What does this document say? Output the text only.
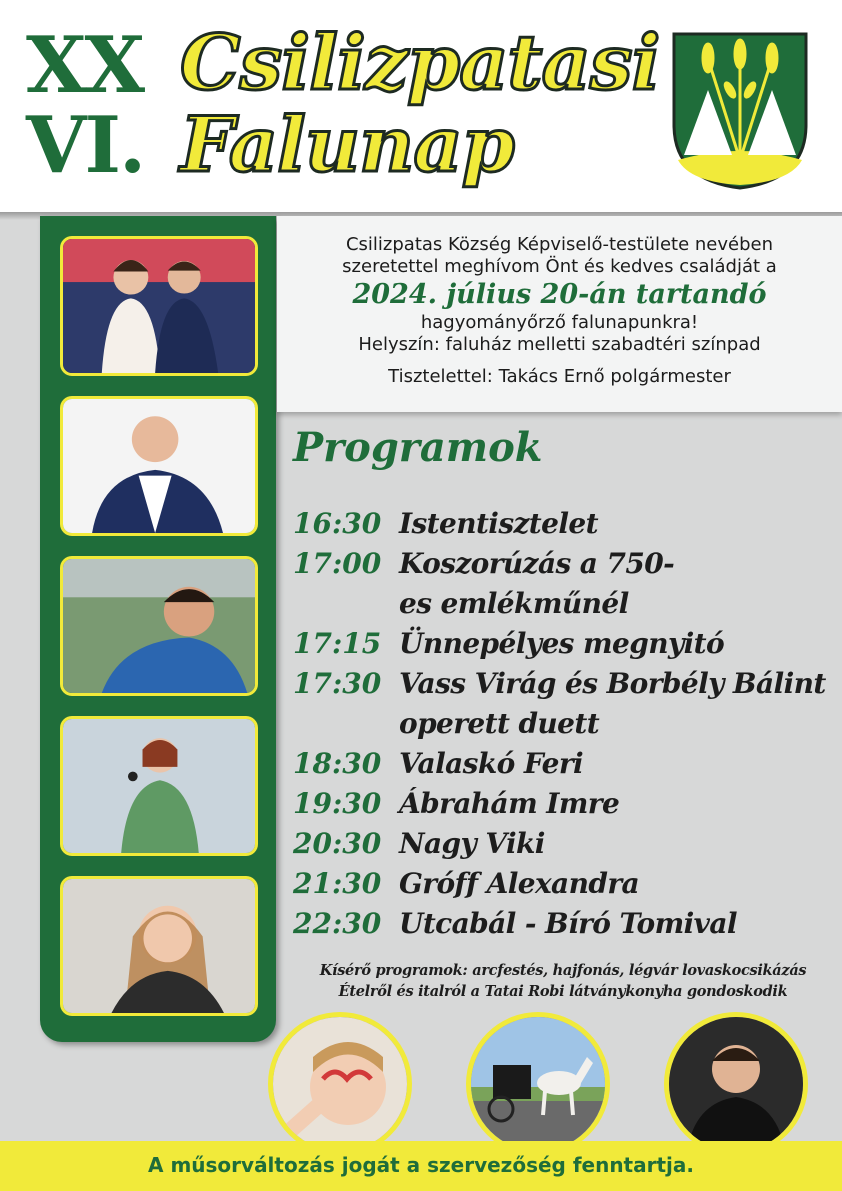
XX
VI.
Csilizpatasi
Falunap
Csilizpatas Község Képviselő-testülete nevében
szeretettel meghívom Önt és kedves családját a
2024. július 20-án tartandó
hagyományőrző falunapunkra!
Helyszín: faluház melletti szabadtéri színpad
Tisztelettel: Takács Ernő polgármester
Programok
16:30 Istentisztelet
17:00 Koszorúzás a 750-es emlékműnél
17:15 Ünnepélyes megnyitó
17:30 Vass Virág és Borbély Bálint operett duett
18:30 Valaskó Feri
19:30 Ábrahám Imre
20:30 Nagy Viki
21:30 Gróff Alexandra
22:30 Utcabál - Bíró Tomival
Kísérő programok: arcfestés, hajfonás, légvár lovaskocsikázás
Ételről és italról a Tatai Robi látványkonyha gondoskodik
A műsorváltozás jogát a szervezőség fenntartja.
